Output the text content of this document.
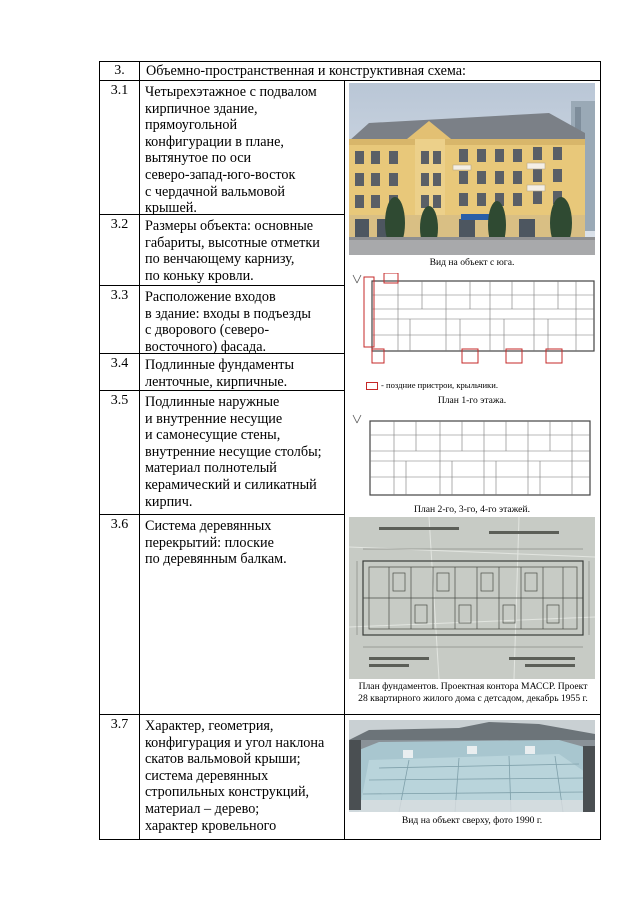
3.	Объемно-пространственная и конструктивная схема:
3.1	Четырехэтажное с подвалом
кирпичное здание,
прямоугольной
конфигурации в плане,
вытянутое по оси
северо-запад-юго-восток
с чердачной вальмовой
крышей.
3.2	Размеры объекта: основные
габариты, высотные отметки
по венчающему карнизу,
по коньку кровли.
3.3	Расположение входов
в здание: входы в подъезды
с дворового (северо-
восточного) фасада.
3.4	Подлинные фундаменты
ленточные, кирпичные.
3.5	Подлинные наружные
и внутренние несущие
и самонесущие стены,
внутренние несущие столбы;
материал полнотелый
керамический и силикатный
кирпич.
3.6	Система деревянных
перекрытий: плоские
по деревянным балкам.
3.7	Характер, геометрия,
конфигурация и угол наклона
скатов вальмовой крыши;
система деревянных
стропильных конструкций,
материал – дерево;
характер кровельного
Вид на объект с юга.
- поздние пристрои, крыльчики.
План 1-го этажа.
План 2-го, 3-го, 4-го этажей.
План фундаментов. Проектная контора МАССР. Проект 28 квартирного жилого дома с детсадом, декабрь 1955 г.
Вид на объект сверху, фото 1990 г.
